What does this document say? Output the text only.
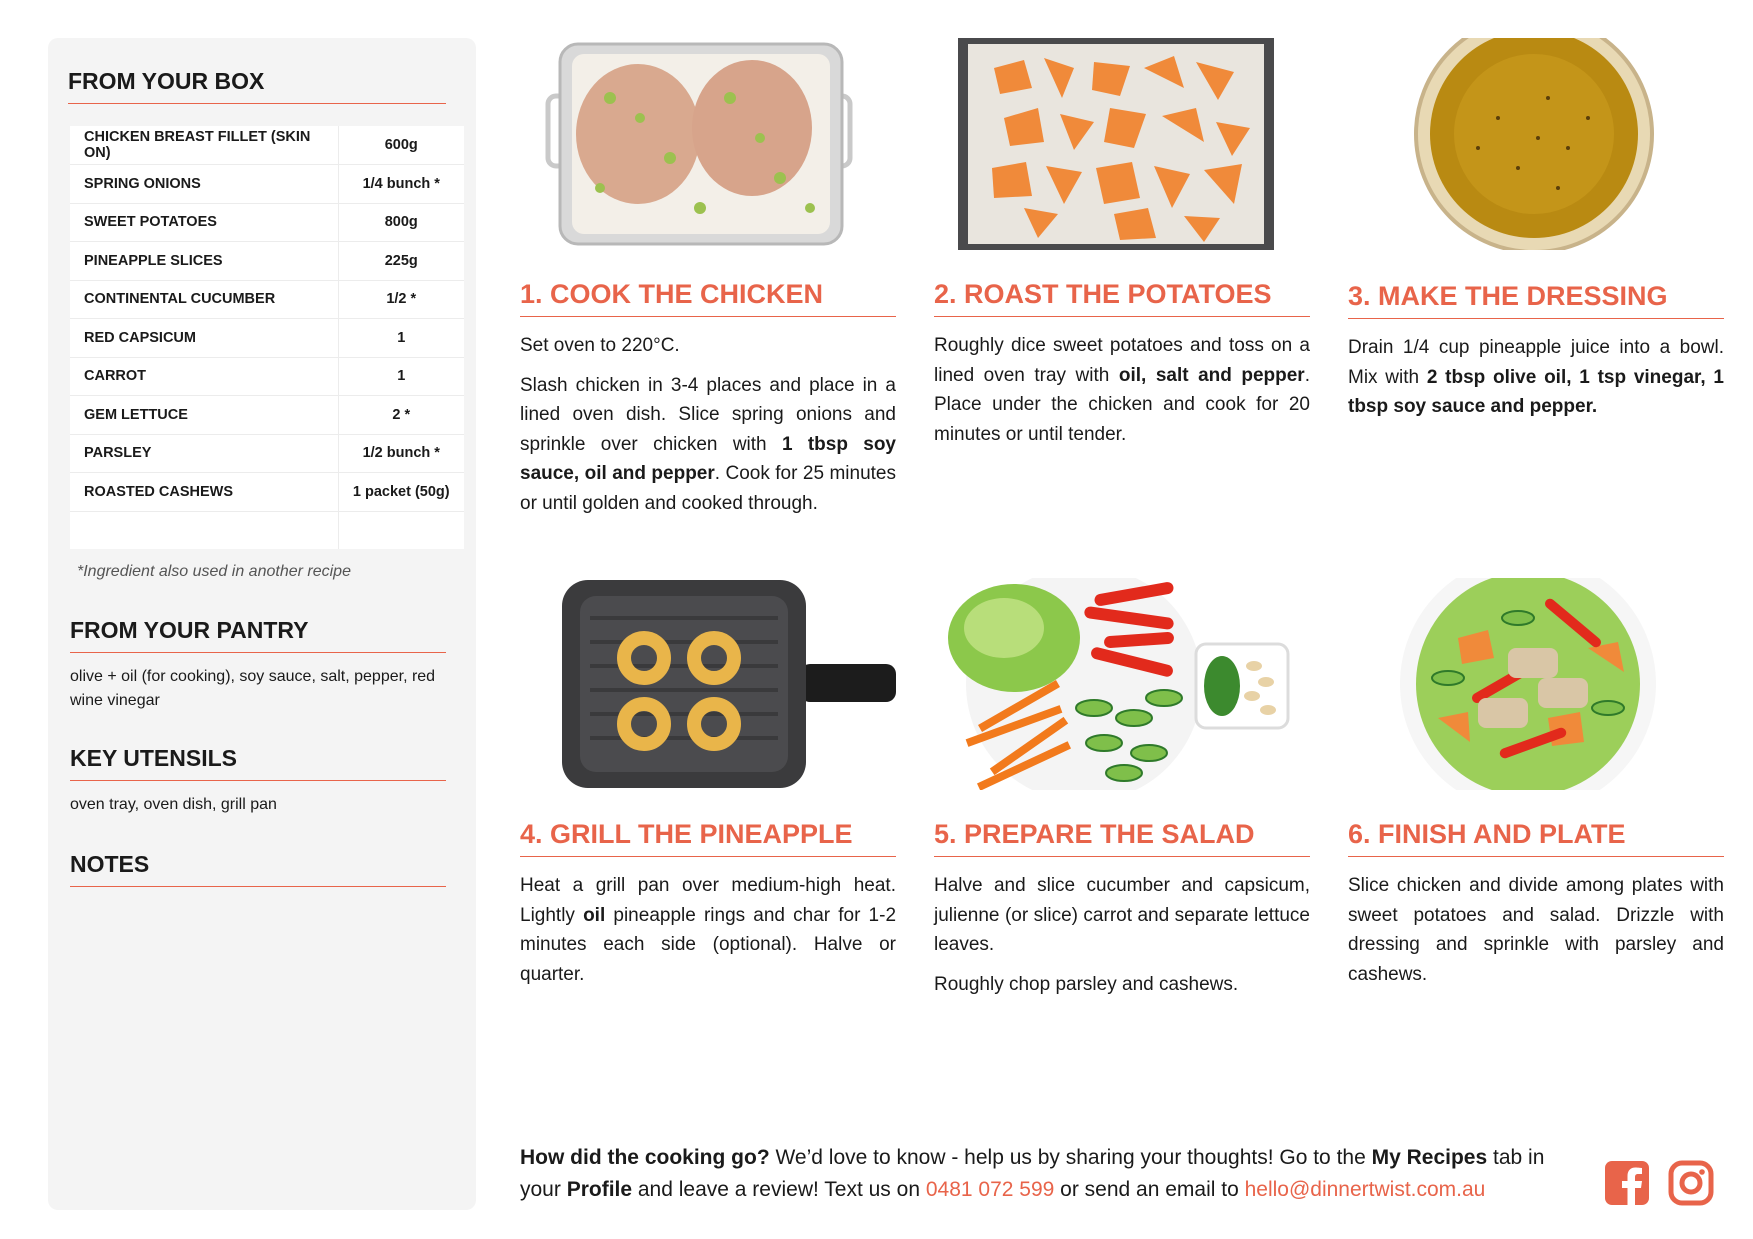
FROM YOUR BOX
CHICKEN BREAST FILLET (SKIN ON)	600g
SPRING ONIONS	1/4 bunch *
SWEET POTATOES	800g
PINEAPPLE SLICES	225g
CONTINENTAL CUCUMBER	1/2 *
RED CAPSICUM	1
CARROT	1
GEM LETTUCE	2 *
PARSLEY	1/2 bunch *
ROASTED CASHEWS	1 packet (50g)

*Ingredient also used in another recipe
FROM YOUR PANTRY
olive + oil (for cooking), soy sauce, salt, pepper, red wine vinegar
KEY UTENSILS
oven tray, oven dish, grill pan
NOTES
1. COOK THE CHICKEN

Set oven to 220°C.

Slash chicken in 3-4 places and place in a lined oven dish. Slice spring onions and sprinkle over chicken with 1 tbsp soy sauce, oil and pepper. Cook for 25 minutes or until golden and cooked through.

2. ROAST THE POTATOES

Roughly dice sweet potatoes and toss on a lined oven tray with oil, salt and pepper. Place under the chicken and cook for 20 minutes or until tender.

3. MAKE THE DRESSING

Drain 1/4 cup pineapple juice into a bowl. Mix with 2 tbsp olive oil, 1 tsp vinegar, 1 tbsp soy sauce and pepper.

4. GRILL THE PINEAPPLE

Heat a grill pan over medium-high heat. Lightly oil pineapple rings and char for 1-2 minutes each side (optional). Halve or quarter.

5. PREPARE THE SALAD

Halve and slice cucumber and capsicum, julienne (or slice) carrot and separate lettuce leaves.

Roughly chop parsley and cashews.

6. FINISH AND PLATE

Slice chicken and divide among plates with sweet potatoes and salad. Drizzle with dressing and sprinkle with parsley and cashews.

How did the cooking go? We’d love to know - help us by sharing your thoughts! Go to the My Recipes tab in your Profile and leave a review! Text us on 0481 072 599 or send an email to hello@dinnertwist.com.au
